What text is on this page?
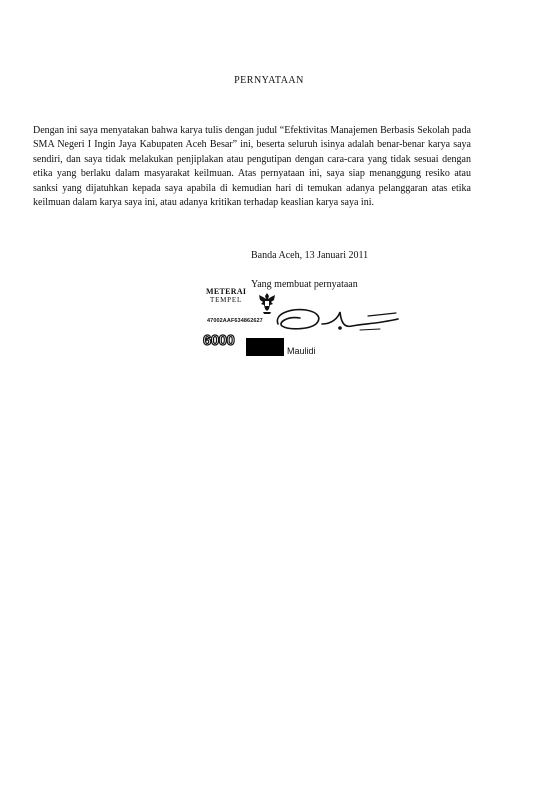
PERNYATAAN
Dengan ini saya menyatakan bahwa karya tulis dengan judul “Efektivitas Manajemen Berbasis Sekolah pada SMA Negeri I Ingin Jaya Kabupaten Aceh Besar” ini, beserta seluruh isinya adalah benar-benar karya saya sendiri, dan saya tidak melakukan penjiplakan atau pengutipan dengan cara-cara yang tidak sesuai dengan etika yang berlaku dalam masyarakat keilmuan. Atas pernyataan ini, saya siap menanggung resiko atau sanksi yang dijatuhkan kepada saya apabila di kemudian hari di temukan adanya pelanggaran atas etika keilmuan dalam karya saya ini, atau adanya kritikan terhadap keaslian karya saya ini.
Banda Aceh, 13 Januari 2011
Yang membuat pernyataan
METERAI
TEMPEL
47002AAF634862627
6000
Maulidi
